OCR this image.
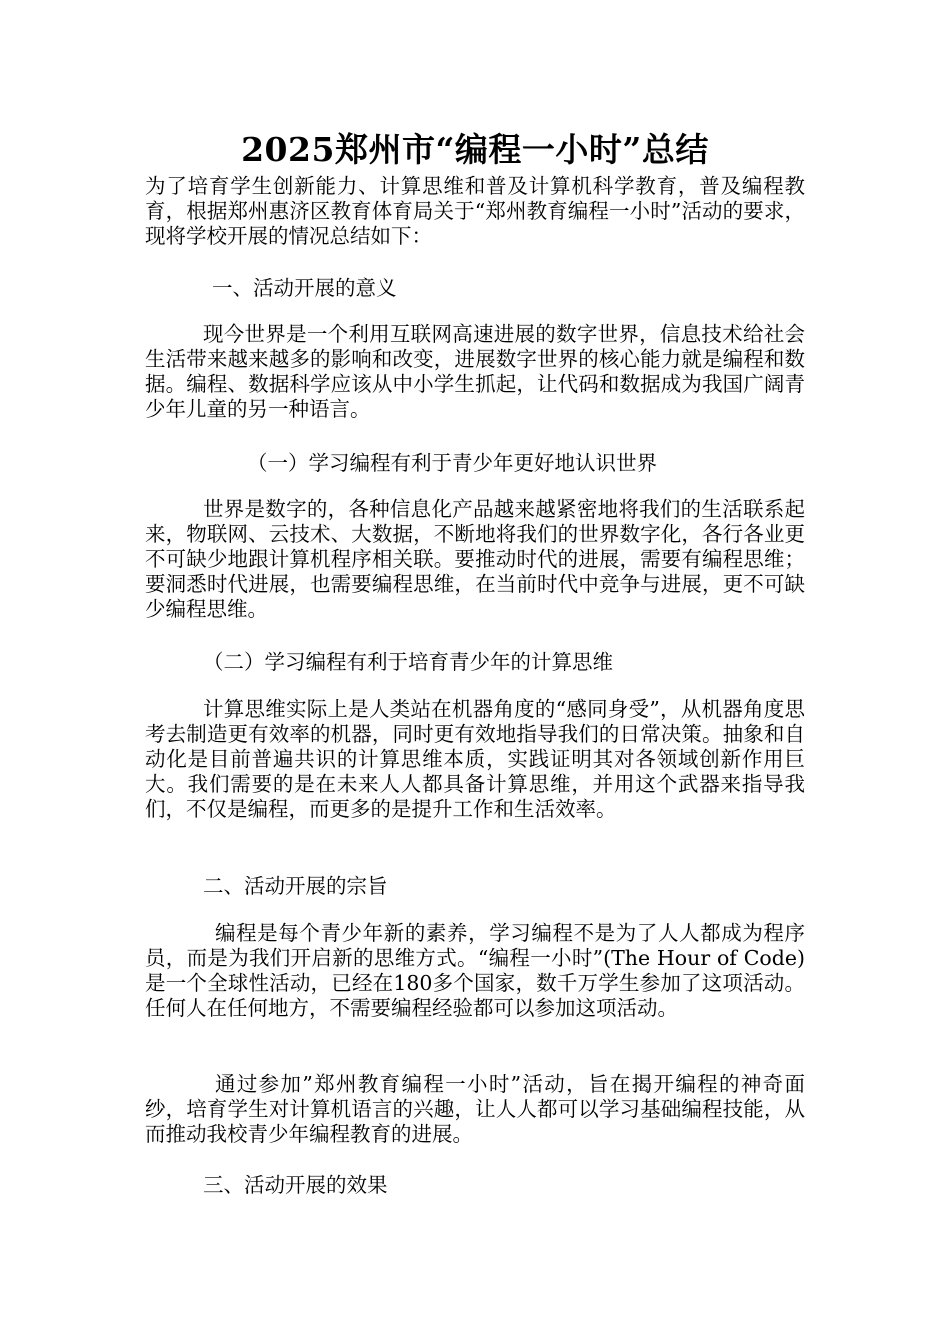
2025郑州市“编程一小时”总结

为了培育学生创新能力、计算思维和普及计算机科学教育，普及编程教育，根据郑州惠济区教育体育局关于“郑州教育编程一小时”活动的要求，现将学校开展的情况总结如下：

一、活动开展的意义

现今世界是一个利用互联网高速进展的数字世界，信息技术给社会生活带来越来越多的影响和改变，进展数字世界的核心能力就是编程和数据。编程、数据科学应该从中小学生抓起，让代码和数据成为我国广阔青少年儿童的另一种语言。

（一）学习编程有利于青少年更好地认识世界

世界是数字的，各种信息化产品越来越紧密地将我们的生活联系起来，物联网、云技术、大数据，不断地将我们的世界数字化，各行各业更不可缺少地跟计算机程序相关联。要推动时代的进展，需要有编程思维；要洞悉时代进展，也需要编程思维，在当前时代中竞争与进展，更不可缺少编程思维。

（二）学习编程有利于培育青少年的计算思维

计算思维实际上是人类站在机器角度的“感同身受”，从机器角度思考去制造更有效率的机器，同时更有效地指导我们的日常决策。抽象和自动化是目前普遍共识的计算思维本质，实践证明其对各领域创新作用巨大。我们需要的是在未来人人都具备计算思维，并用这个武器来指导我们，不仅是编程，而更多的是提升工作和生活效率。

二、活动开展的宗旨

编程是每个青少年新的素养，学习编程不是为了人人都成为程序员，而是为我们开启新的思维方式。“编程一小时”(The Hour of Code)是一个全球性活动，已经在180多个国家，数千万学生参加了这项活动。任何人在任何地方，不需要编程经验都可以参加这项活动。

通过参加”郑州教育编程一小时”活动，旨在揭开编程的神奇面纱，培育学生对计算机语言的兴趣，让人人都可以学习基础编程技能，从而推动我校青少年编程教育的进展。

三、活动开展的效果
